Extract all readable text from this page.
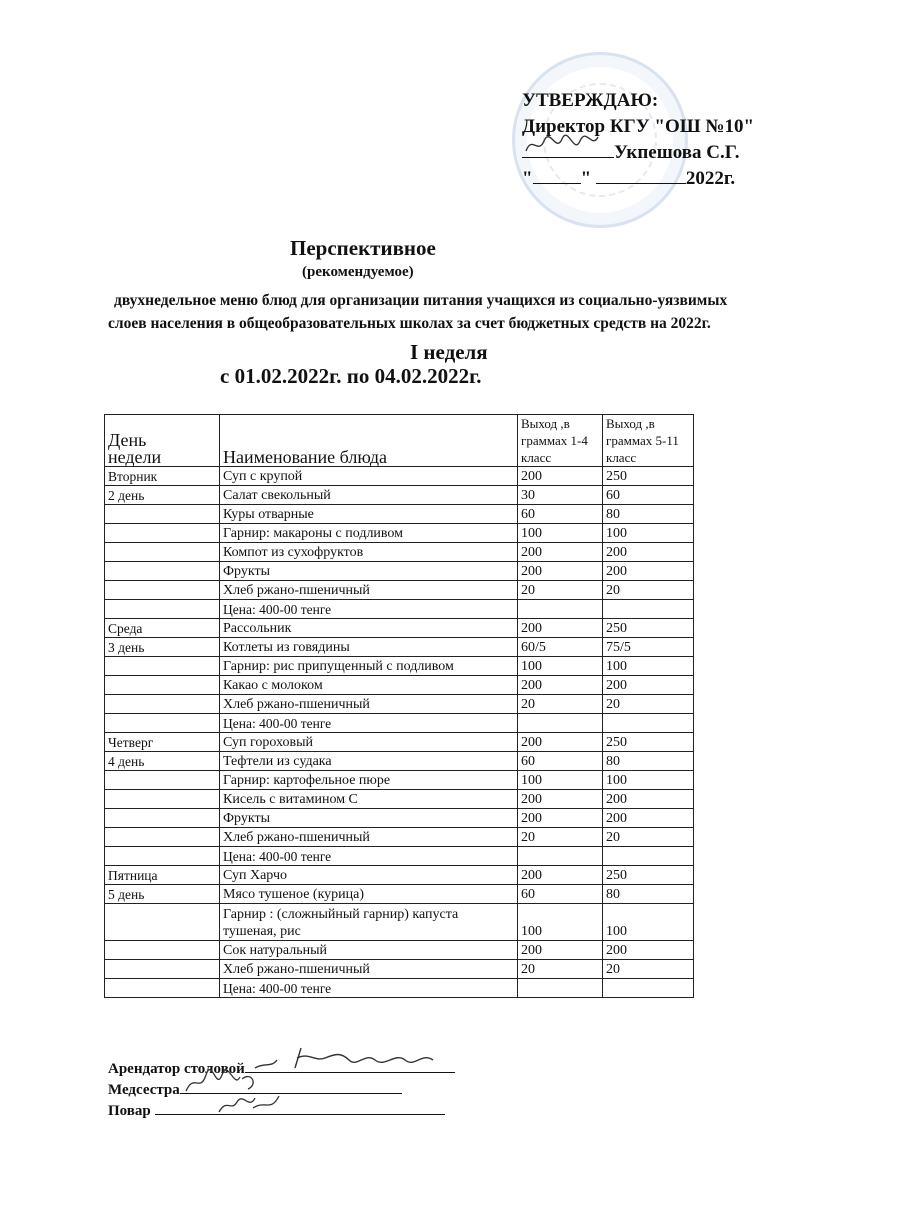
УТВЕРЖДАЮ:
Директор КГУ "ОШ №10"
Укпешова С.Г.
"	"	2022г.
Перспективное
(рекомендуемое)
двухнедельное меню блюд для организации питания учащихся из социально-уязвимых
слоев населения в общеобразовательных школах за счет бюджетных средств на 2022г.
I неделя
с 01.02.2022г. по 04.02.2022г.
День
недели	Наименование блюда	Выход ,в граммах 1-4 класс	Выход ,в граммах 5-11 класс
Вторник	Суп с крупой	200	250
2 день	Салат свекольный	30	60
	Куры отварные	60	80
	Гарнир: макароны с подливом	100	100
	Компот из сухофруктов	200	200
	Фрукты	200	200
	Хлеб ржано-пшеничный	20	20
	Цена: 400-00 тенге		
Среда	Рассольник	200	250
3 день	Котлеты из говядины	60/5	75/5
	Гарнир: рис припущенный с подливом	100	100
	Какао с молоком	200	200
	Хлеб ржано-пшеничный	20	20
	Цена: 400-00 тенге		
Четверг	Суп гороховый	200	250
4 день	Тефтели из судака	60	80
	Гарнир: картофельное пюре	100	100
	Кисель с витамином С	200	200
	Фрукты	200	200
	Хлеб ржано-пшеничный	20	20
	Цена: 400-00 тенге		
Пятница	Суп Харчо	200	250
5 день	Мясо тушеное (курица)	60	80
	Гарнир : (сложныйный гарнир) капуста тушеная, рис	100	100
	Сок натуральный	200	200
	Хлеб ржано-пшеничный	20	20
	Цена: 400-00 тенге		
Арендатор столовой
Медсестра
Повар
